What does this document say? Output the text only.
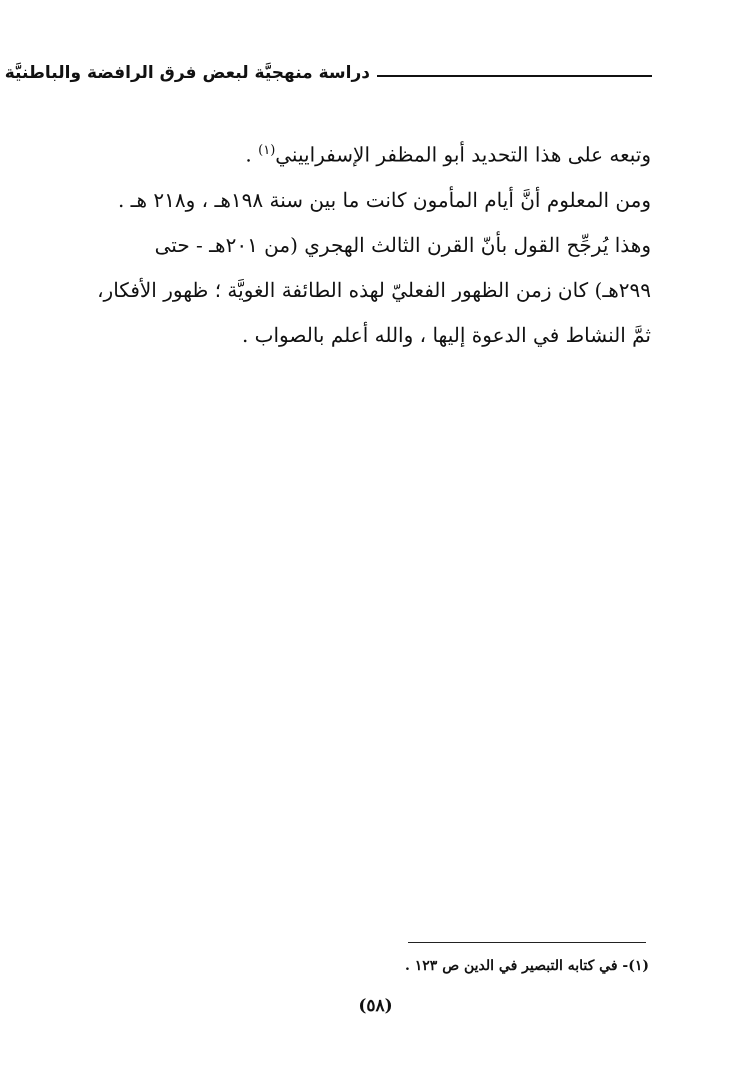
دراسة منهجيَّة لبعض فرق الرافضة والباطنيَّة

وتبعه على هذا التحديد أبو المظفر الإسفراييني$^{(١)}$ .

ومن المعلوم أنَّ أيام المأمون كانت ما بين سنة ١٩٨هـ ، و٢١٨ هـ .

وهذا يُرجِّح القول بأنّ القرن الثالث الهجري (من ٢٠١هـ - حتى

٢٩٩هـ) كان زمن الظهور الفعليّ لهذه الطائفة الغويَّة ؛ ظهور الأفكار،

ثمَّ النشاط في الدعوة إليها ، والله أعلم بالصواب .

(١)- في كتابه التبصير في الدين ص ١٢٣ .
(٥٨)
